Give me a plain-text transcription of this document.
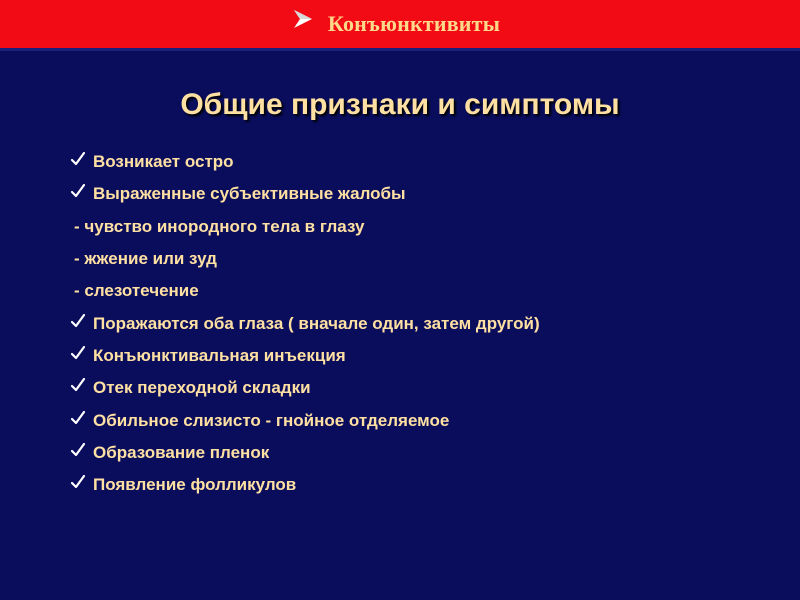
Конъюнктивиты
Общие признаки и симптомы
Возникает остро
Выраженные субъективные жалобы
- чувство инородного тела в глазу
- жжение или зуд
- слезотечение
Поражаются оба глаза ( вначале один, затем другой)
Конъюнктивальная инъекция
Отек переходной складки
Обильное слизисто - гнойное отделяемое
Образование пленок
Появление фолликулов
